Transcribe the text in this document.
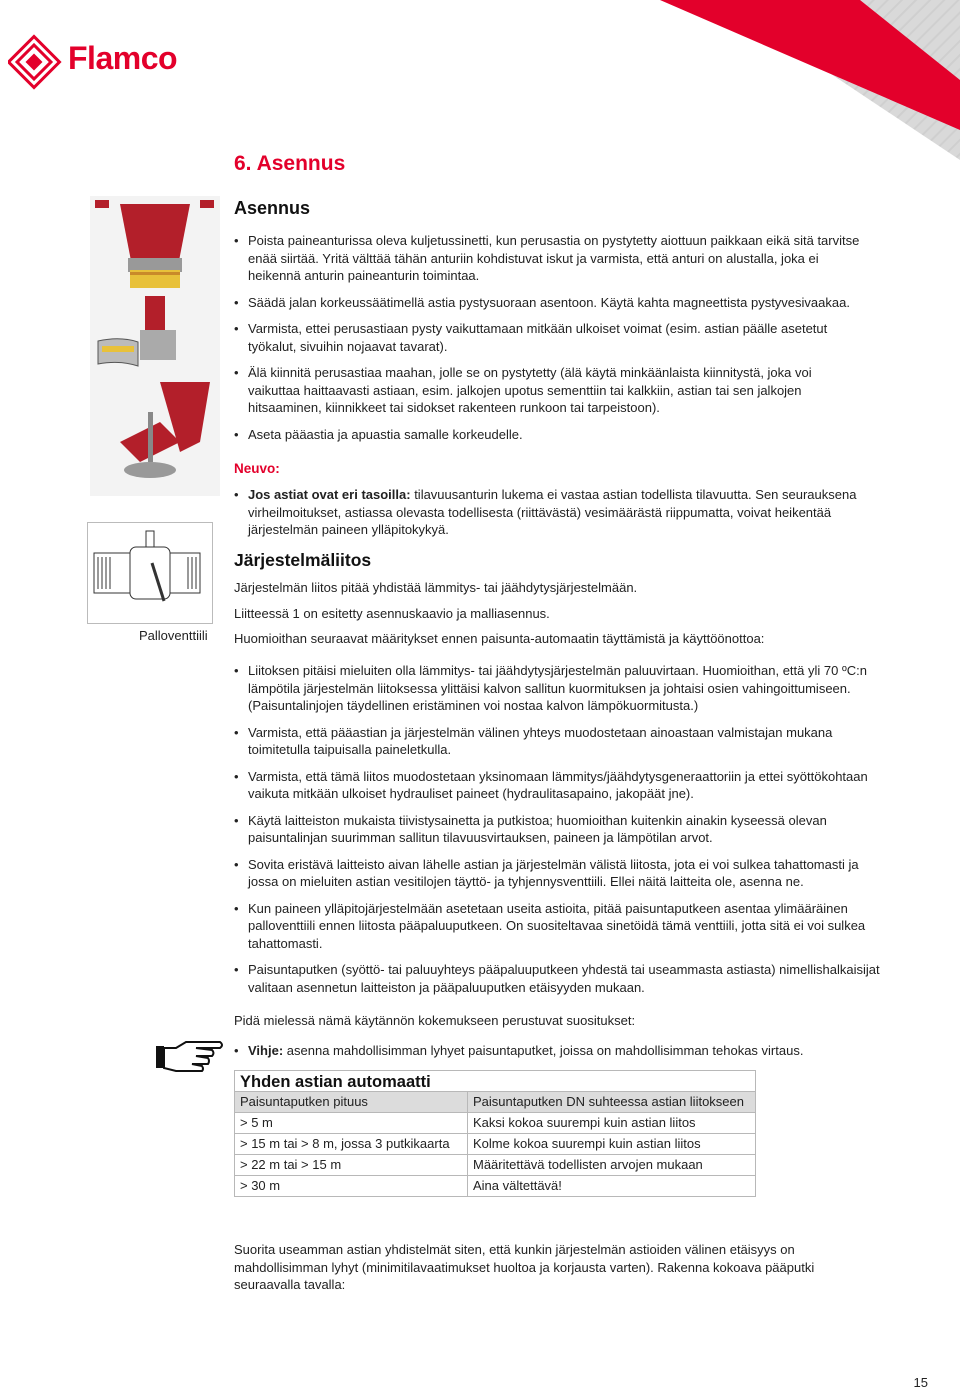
Flamco	Flexcon® M-K Asennus-
ja käyttöohjekirja
6. Asennus
Asennus
• Poista paineanturissa oleva kuljetussinetti, kun perusastia on pystytetty aiottuun paikkaan eikä sitä tarvitse enää siirtää. Yritä välttää tähän anturiin kohdistuvat iskut ja varmista, että anturi on alustalla, joka ei heikennä anturin paineanturin toimintaa.
• Säädä jalan korkeussäätimellä astia pystysuoraan asentoon. Käytä kahta magneettista pystyvesivaakaa.
• Varmista, ettei perusastiaan pysty vaikuttamaan mitkään ulkoiset voimat (esim. astian päälle asetetut työkalut, sivuihin nojaavat tavarat).
• Älä kiinnitä perusastiaa maahan, jolle se on pystytetty (älä käytä minkäänlaista kiinnitystä, joka voi vaikuttaa haittaavasti astiaan, esim. jalkojen upotus sementtiin tai kalkkiin, astian tai sen jalkojen hitsaaminen, kiinnikkeet tai sidokset rakenteen runkoon tai tarpeistoon).
• Aseta pääastia ja apuastia samalle korkeudelle.
Neuvo:
• Jos astiat ovat eri tasoilla: tilavuusanturin lukema ei vastaa astian todellista tilavuutta. Sen seurauksena virheilmoitukset, astiassa olevasta todellisesta (riittävästä) vesimäärästä riippumatta, voivat heikentää järjestelmän paineen ylläpitokykyä.
Palloventtiili
Järjestelmäliitos
Järjestelmän liitos pitää yhdistää lämmitys- tai jäähdytysjärjestelmään.
Liitteessä 1 on esitetty asennuskaavio ja malliasennus.
Huomioithan seuraavat määritykset ennen paisunta-automaatin täyttämistä ja käyttöönottoa:
• Liitoksen pitäisi mieluiten olla lämmitys- tai jäähdytysjärjestelmän paluuvirtaan. Huomioithan, että yli 70 ºC:n lämpötila järjestelmän liitoksessa ylittäisi kalvon sallitun kuormituksen ja johtaisi osien vahingoittumiseen. (Paisuntalinjojen täydellinen eristäminen voi nostaa kalvon lämpökuormitusta.)
• Varmista, että pääastian ja järjestelmän välinen yhteys muodostetaan ainoastaan valmistajan mukana toimitetulla taipuisalla paineletkulla.
• Varmista, että tämä liitos muodostetaan yksinomaan lämmitys/jäähdytysgeneraattoriin ja ettei syöttökohtaan vaikuta mitkään ulkoiset hydrauliset paineet (hydraulitasapaino, jakopäät jne).
• Käytä laitteiston mukaista tiivistysainetta ja putkistoa; huomioithan kuitenkin ainakin kyseessä olevan paisuntalinjan suurimman sallitun tilavuusvirtauksen, paineen ja lämpötilan arvot.
• Sovita eristävä laitteisto aivan lähelle astian ja järjestelmän välistä liitosta, jota ei voi sulkea tahattomasti ja jossa on mieluiten astian vesitilojen täyttö- ja tyhjennysventtiili. Ellei näitä laitteita ole, asenna ne.
• Kun paineen ylläpitojärjestelmään asetetaan useita astioita, pitää paisuntaputkeen asentaa ylimääräinen palloventtiili ennen liitosta pääpaluuputkeen. On suositeltavaa sinetöidä tämä venttiili, jotta sitä ei voi sulkea tahattomasti.
• Paisuntaputken (syöttö- tai paluuyhteys pääpaluuputkeen yhdestä tai useammasta astiasta) nimellishalkaisijat valitaan asennetun laitteiston ja pääpaluuputken etäisyyden mukaan.
Pidä mielessä nämä käytännön kokemukseen perustuvat suositukset:
• Vihje: asenna mahdollisimman lyhyet paisuntaputket, joissa on mahdollisimman tehokas virtaus.
Yhden astian automaatti	
Paisuntaputken pituus	Paisuntaputken DN suhteessa astian liitokseen
> 5 m	Kaksi kokoa suurempi kuin astian liitos
> 15 m tai > 8 m, jossa 3 putkikaarta	Kolme kokoa suurempi kuin astian liitos
> 22 m tai > 15 m	Määritettävä todellisten arvojen mukaan
> 30 m	Aina vältettävä!
Suorita useamman astian yhdistelmät siten, että kunkin järjestelmän astioiden välinen etäisyys on mahdollisimman lyhyt (minimitilavaatimukset huoltoa ja korjausta varten). Rakenna kokoava pääputki seuraavalla tavalla:
15
